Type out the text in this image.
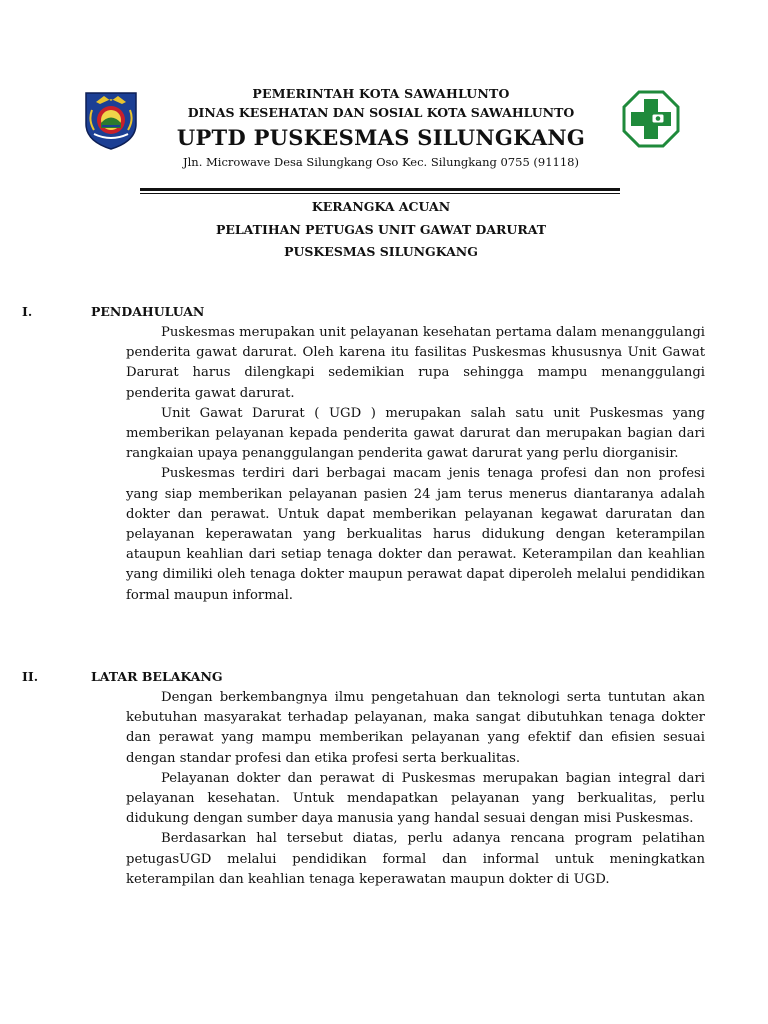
PEMERINTAH KOTA SAWAHLUNTO
DINAS KESEHATAN DAN SOSIAL KOTA SAWAHLUNTO
UPTD PUSKESMAS SILUNGKANG
Jln. Microwave Desa Silungkang Oso Kec. Silungkang 0755 (91118)
KERANGKA ACUAN
PELATIHAN PETUGAS UNIT GAWAT DARURAT
PUSKESMAS SILUNGKANG
I.	PENDAHULUAN

Puskesmas merupakan unit pelayanan kesehatan pertama dalam menanggulangi penderita gawat darurat. Oleh karena itu fasilitas Puskesmas khususnya Unit Gawat Darurat harus dilengkapi sedemikian rupa sehingga mampu menanggulangi penderita gawat darurat.

Unit Gawat Darurat ( UGD ) merupakan salah satu unit Puskesmas yang memberikan pelayanan kepada penderita gawat darurat dan merupakan bagian dari rangkaian upaya penanggulangan penderita gawat darurat yang perlu diorganisir.

Puskesmas terdiri dari berbagai macam jenis tenaga profesi dan non profesi yang siap memberikan pelayanan pasien 24 jam terus menerus diantaranya adalah dokter dan perawat. Untuk dapat memberikan pelayanan kegawat daruratan dan pelayanan keperawatan yang berkualitas harus didukung dengan keterampilan ataupun keahlian dari setiap tenaga dokter dan perawat. Keterampilan dan keahlian yang dimiliki oleh tenaga dokter maupun perawat dapat diperoleh melalui pendidikan formal maupun informal.

II.	LATAR BELAKANG

Dengan berkembangnya ilmu pengetahuan dan teknologi serta tuntutan akan kebutuhan masyarakat terhadap pelayanan, maka sangat dibutuhkan tenaga dokter dan perawat yang mampu memberikan pelayanan yang efektif dan efisien sesuai dengan standar profesi dan etika profesi serta berkualitas.

Pelayanan dokter dan perawat di Puskesmas merupakan bagian integral dari pelayanan kesehatan. Untuk mendapatkan pelayanan yang berkualitas, perlu didukung dengan sumber daya manusia yang handal sesuai dengan misi Puskesmas.

Berdasarkan hal tersebut diatas, perlu adanya rencana program pelatihan petugasUGD melalui pendidikan formal dan informal untuk meningkatkan keterampilan dan keahlian tenaga keperawatan maupun dokter di UGD.
